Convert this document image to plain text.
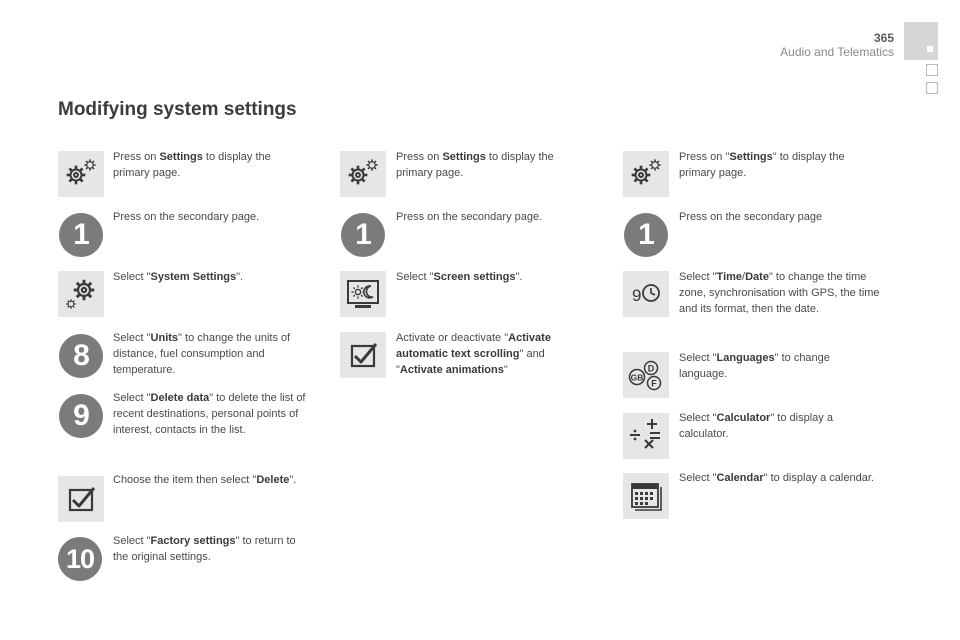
365
Audio and Telematics
Modifying system settings
Press on Settings to display the primary page.
1
Press on the secondary page.
Select "System Settings".
8
Select "Units" to change the units of distance, fuel consumption and temperature.
9
Select "Delete data" to delete the list of recent destinations, personal points of interest, contacts in the list.
Choose the item then select "Delete".
10
Select "Factory settings" to return to the original settings.
Press on Settings to display the primary page.
1
Press on the secondary page.
Select "Screen settings".
Activate or deactivate "Activate automatic text scrolling" and "Activate animations"
Press on "Settings" to display the primary page.
1
Press on the secondary page
9
Select "Time/Date" to change the time zone, synchronisation with GPS, the time and its format, then the date.
D
GB
F
Select "Languages" to change language.
Select "Calculator" to display a calculator.
Select "Calendar" to display a calendar.
